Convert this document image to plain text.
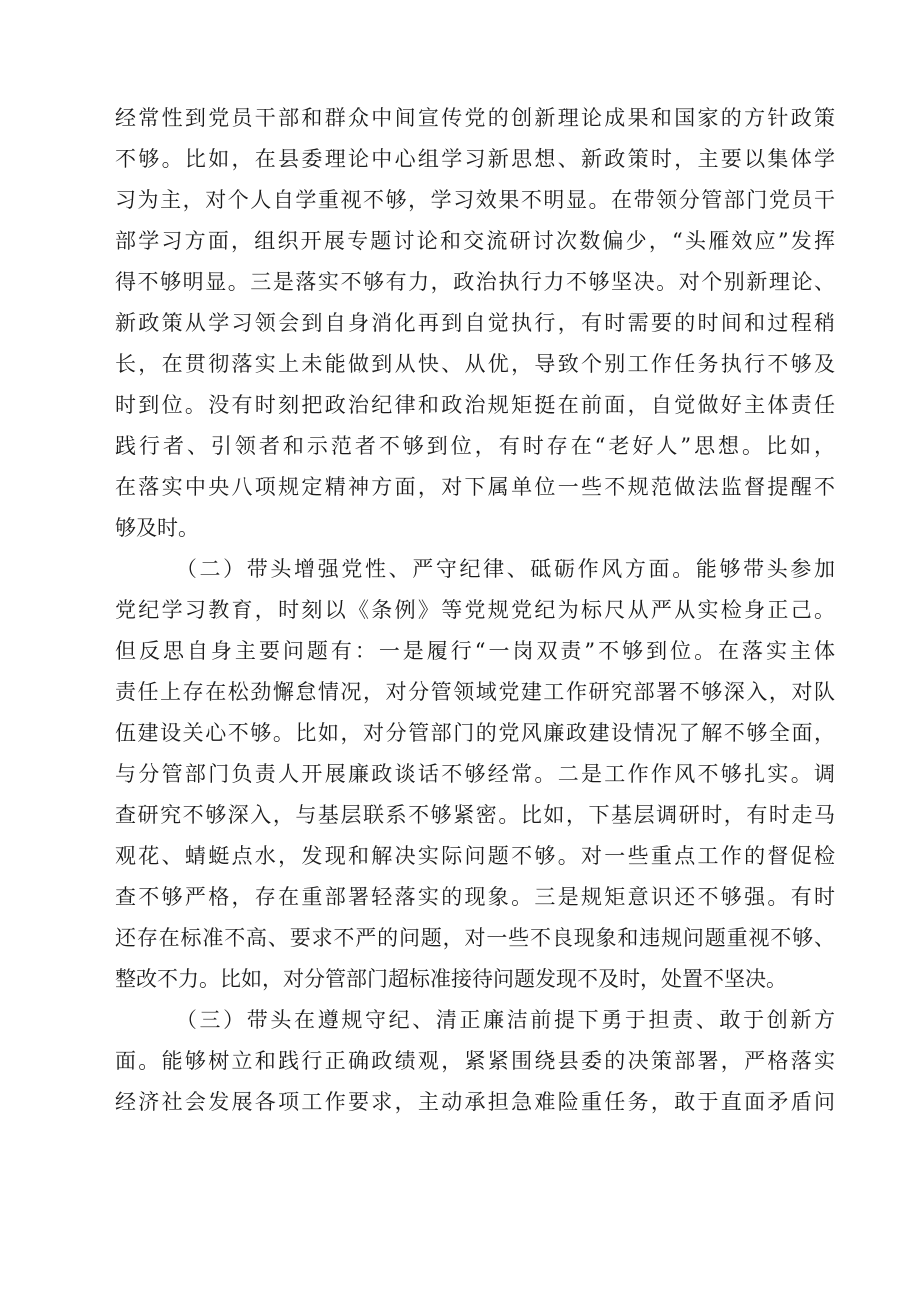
经常性到党员干部和群众中间宣传党的创新理论成果和国家的方针政策
不够。比如，在县委理论中心组学习新思想、新政策时，主要以集体学
习为主，对个人自学重视不够，学习效果不明显。在带领分管部门党员干
部学习方面，组织开展专题讨论和交流研讨次数偏少，“头雁效应”发挥
得不够明显。三是落实不够有力，政治执行力不够坚决。对个别新理论、
新政策从学习领会到自身消化再到自觉执行，有时需要的时间和过程稍
长，在贯彻落实上未能做到从快、从优，导致个别工作任务执行不够及
时到位。没有时刻把政治纪律和政治规矩挺在前面，自觉做好主体责任
践行者、引领者和示范者不够到位，有时存在“老好人”思想。比如，
在落实中央八项规定精神方面，对下属单位一些不规范做法监督提醒不
够及时。
（二）带头增强党性、严守纪律、砥砺作风方面。能够带头参加
党纪学习教育，时刻以《条例》等党规党纪为标尺从严从实检身正己。
但反思自身主要问题有：一是履行“一岗双责”不够到位。在落实主体
责任上存在松劲懈怠情况，对分管领域党建工作研究部署不够深入，对队
伍建设关心不够。比如，对分管部门的党风廉政建设情况了解不够全面，
与分管部门负责人开展廉政谈话不够经常。二是工作作风不够扎实。调
查研究不够深入，与基层联系不够紧密。比如，下基层调研时，有时走马
观花、蜻蜓点水，发现和解决实际问题不够。对一些重点工作的督促检
查不够严格，存在重部署轻落实的现象。三是规矩意识还不够强。有时
还存在标准不高、要求不严的问题，对一些不良现象和违规问题重视不够、
整改不力。比如，对分管部门超标准接待问题发现不及时，处置不坚决。
（三）带头在遵规守纪、清正廉洁前提下勇于担责、敢于创新方
面。能够树立和践行正确政绩观，紧紧围绕县委的决策部署，严格落实
经济社会发展各项工作要求，主动承担急难险重任务，敢于直面矛盾问
